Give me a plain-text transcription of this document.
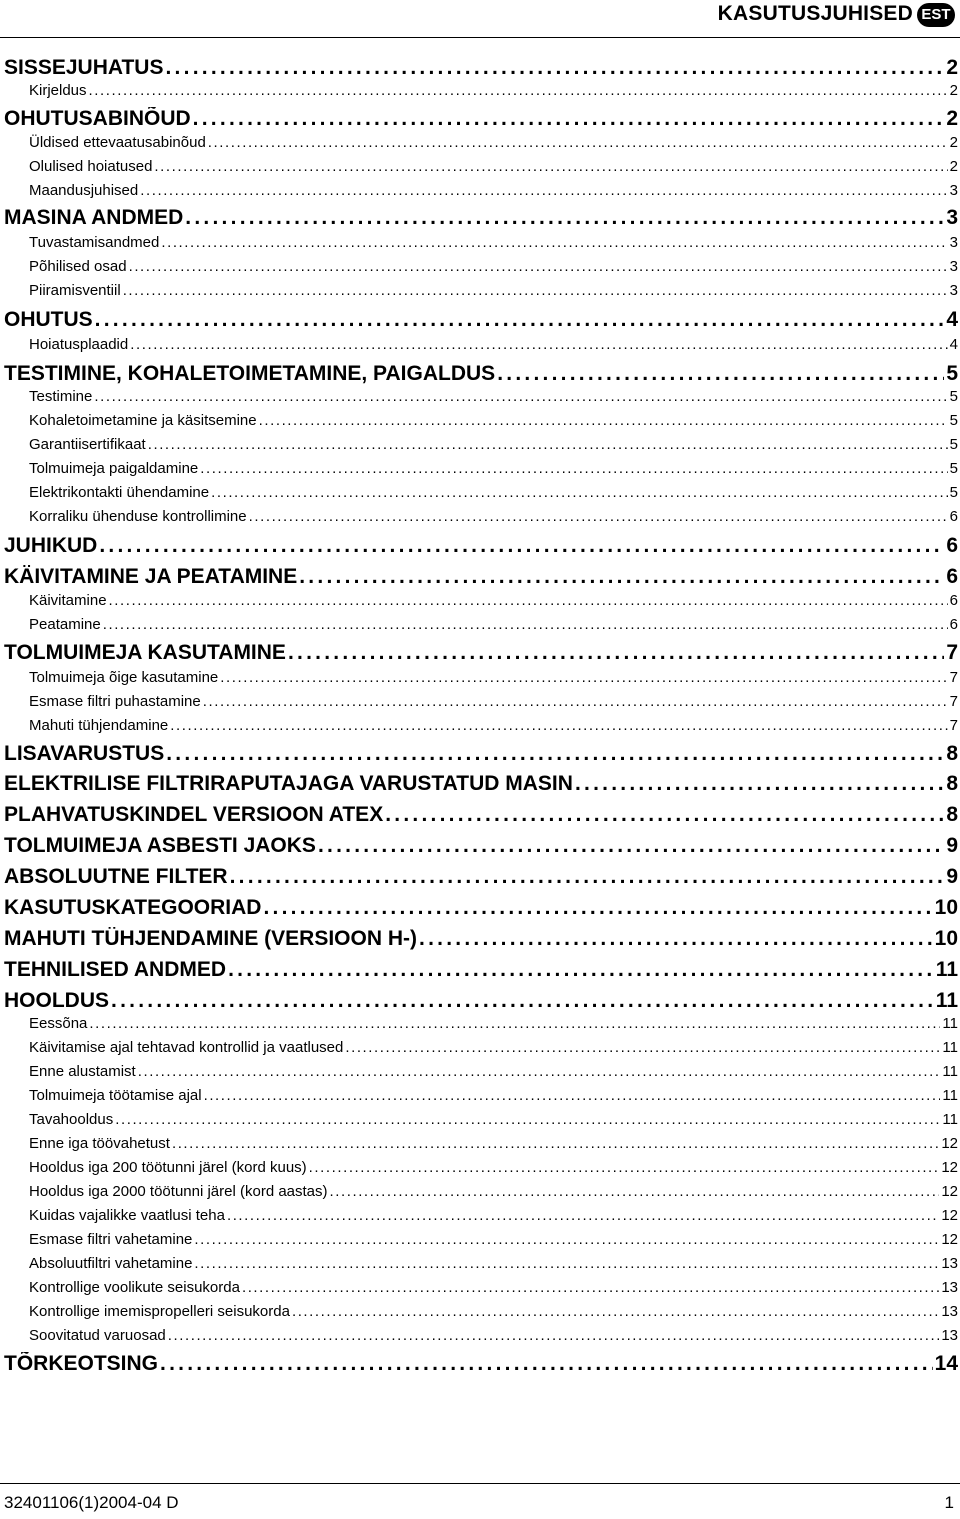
KASUTUSJUHISED EST
SISSEJUHATUS . . .	2
Kirjeldus . . .	2
OHUTUSABINÕUD . . .	2
Üldised ettevaatusabinõud . . .	2
Olulised hoiatused . . .	2
Maandusjuhised . . .	3
MASINA ANDMED . . .	3
Tuvastamisandmed . . .	3
Põhilised osad . . .	3
Piiramisventiil . . .	3
OHUTUS . . .	4
Hoiatusplaadid . . .	4
TESTIMINE, KOHALETOIMETAMINE, PAIGALDUS . . .	5
Testimine . . .	5
Kohaletoimetamine ja käsitsemine . . .	5
Garantiisertifikaat . . .	5
Tolmuimeja paigaldamine . . .	5
Elektrikontakti ühendamine . . .	5
Korraliku ühenduse kontrollimine . . .	6
JUHIKUD . . .	6
KÄIVITAMINE JA PEATAMINE . . .	6
Käivitamine . . .	6
Peatamine . . .	6
TOLMUIMEJA KASUTAMINE . . .	7
Tolmuimeja õige kasutamine . . .	7
Esmase filtri puhastamine . . .	7
Mahuti tühjendamine . . .	7
LISAVARUSTUS . . .	8
ELEKTRILISE FILTRIRAPUTAJAGA VARUSTATUD MASIN . . .	8
PLAHVATUSKINDEL VERSIOON ATEX . . .	8
TOLMUIMEJA ASBESTI JAOKS . . .	9
ABSOLUUTNE FILTER . . .	9
KASUTUSKATEGOORIAD . . .	10
MAHUTI TÜHJENDAMINE (VERSIOON H-) . . .	10
TEHNILISED ANDMED . . .	11
HOOLDUS . . .	11
Eessõna . . .	11
Käivitamise ajal tehtavad kontrollid ja vaatlused . . .	11
Enne alustamist . . .	11
Tolmuimeja töötamise ajal . . .	11
Tavahooldus . . .	11
Enne iga töövahetust . . .	12
Hooldus iga 200 töötunni järel (kord kuus) . . .	12
Hooldus iga 2000 töötunni järel (kord aastas) . . .	12
Kuidas vajalikke vaatlusi teha . . .	12
Esmase filtri vahetamine . . .	12
Absoluutfiltri vahetamine . . .	13
Kontrollige voolikute seisukorda . . .	13
Kontrollige imemispropelleri seisukorda . . .	13
Soovitatud varuosad . . .	13
TÕRKEOTSING . . .	14
32401106(1)2004-04 D	1
